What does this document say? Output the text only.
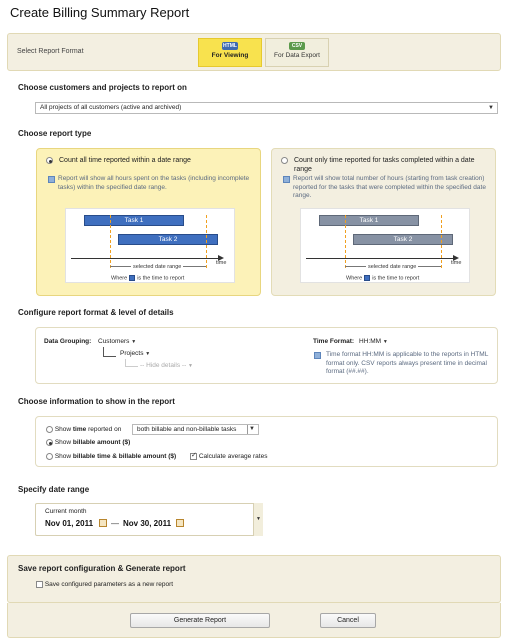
Create Billing Summary Report
Select Report Format
HTML
For Viewing
CSV
For Data Export
Choose customers and projects to report on
All projects of all customers (active and archived)	▼
Choose report type
Count all time reported within a date range
Report will show all hours spent on the tasks (including incomplete tasks) within the specified date range.
Task 1
Task 2
time
selected date range
Where is the time to report
Count only time reported for tasks completed within a date range
Report will show total number of hours (starting from task creation) reported for the tasks that were completed within the specified date range.
Task 1
Task 2
time
selected date range
Where is the time to report
Configure report format & level of details
Data Grouping: Customers ▼
Projects ▼
-- Hide details -- ▼
Time Format: HH:MM ▼
Time format HH:MM is applicable to the reports in HTML format only. CSV reports always present time in decimal format (##.##).
Choose information to show in the report
Show time reported on	both billable and non-billable tasks	▼
Show billable amount ($)
Show billable time & billable amount ($)
✓	Calculate average rates
Specify date range
Current month
Nov 01, 2011 — Nov 30, 2011	▼
Save report configuration & Generate report
Save configured parameters as a new report
Generate Report	Cancel
